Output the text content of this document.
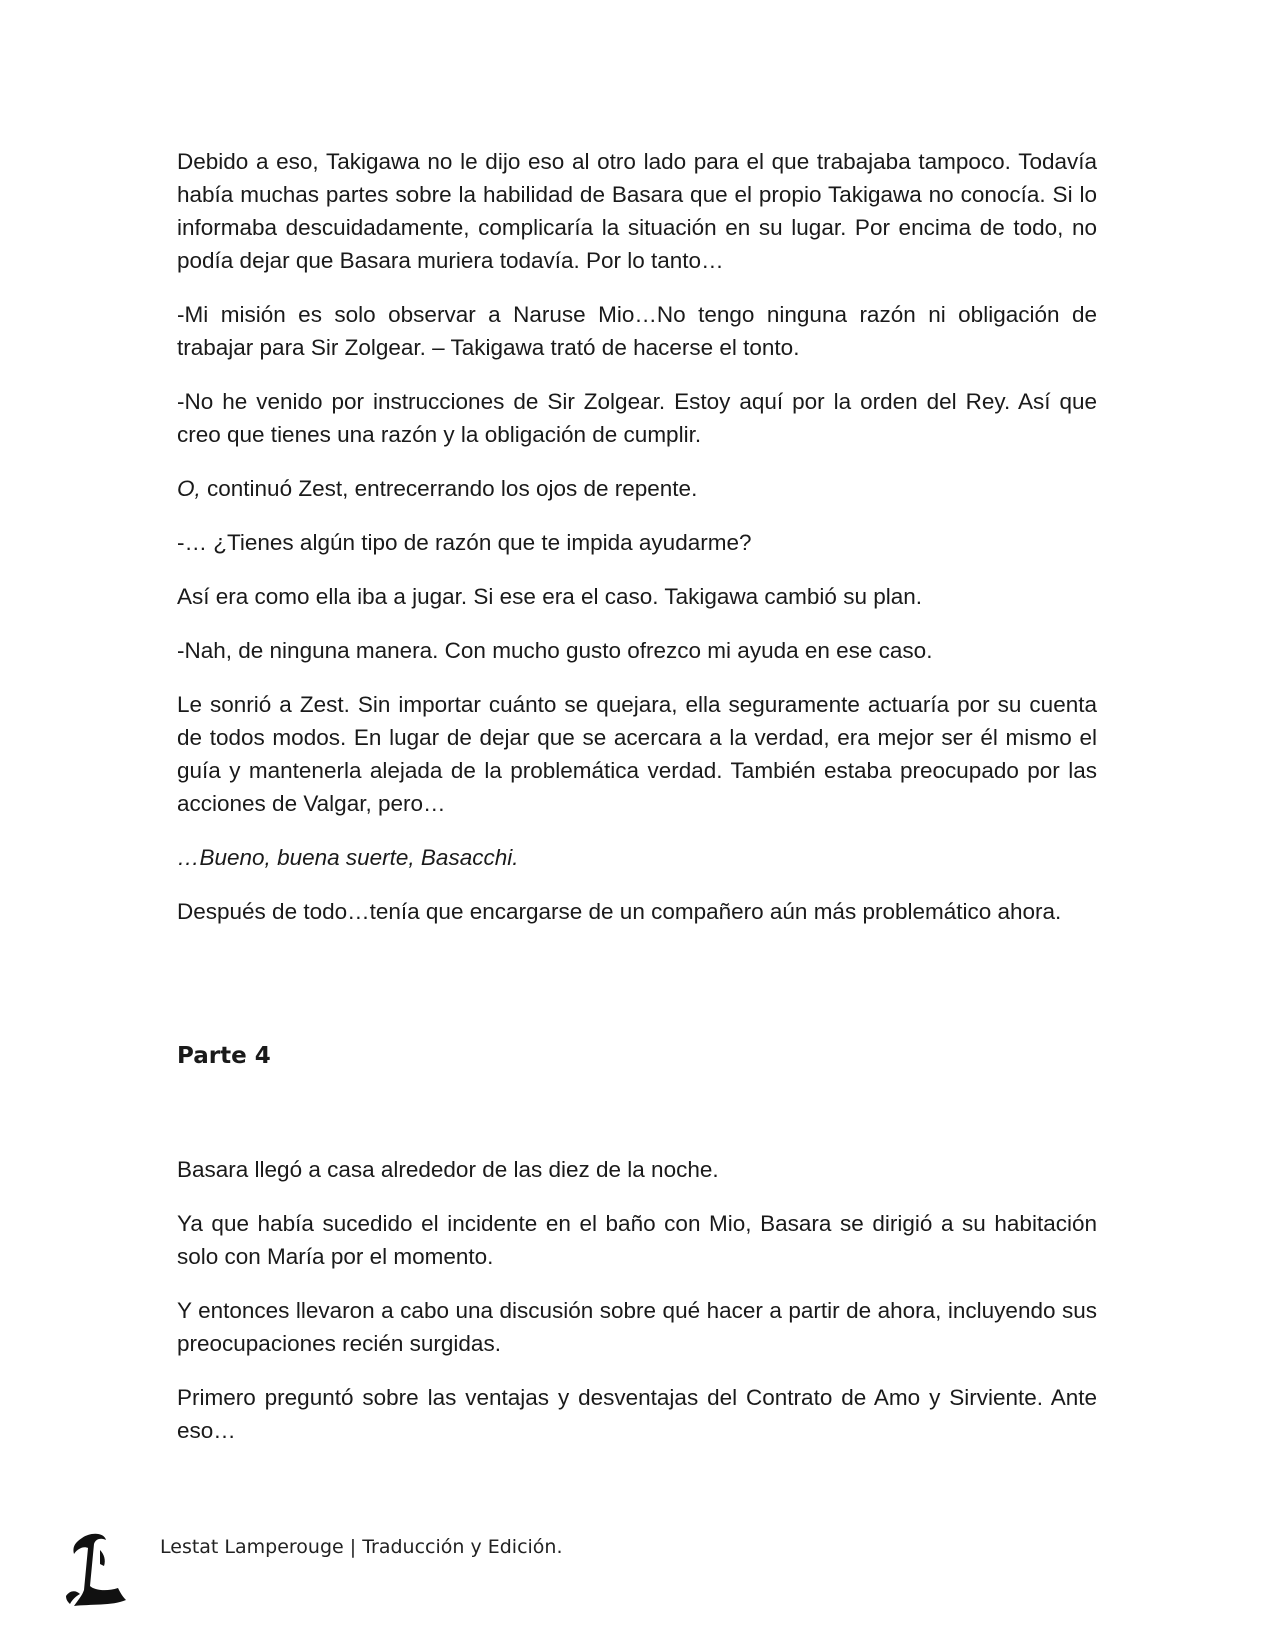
Debido a eso, Takigawa no le dijo eso al otro lado para el que trabajaba tampoco. Todavía había muchas partes sobre la habilidad de Basara que el propio Takigawa no conocía. Si lo informaba descuidadamente, complicaría la situación en su lugar. Por encima de todo, no podía dejar que Basara muriera todavía. Por lo tanto…

-Mi misión es solo observar a Naruse Mio…No tengo ninguna razón ni obligación de trabajar para Sir Zolgear. – Takigawa trató de hacerse el tonto.

-No he venido por instrucciones de Sir Zolgear. Estoy aquí por la orden del Rey. Así que creo que tienes una razón y la obligación de cumplir.

O, continuó Zest, entrecerrando los ojos de repente.

-… ¿Tienes algún tipo de razón que te impida ayudarme?

Así era como ella iba a jugar. Si ese era el caso. Takigawa cambió su plan.

-Nah, de ninguna manera. Con mucho gusto ofrezco mi ayuda en ese caso.

Le sonrió a Zest. Sin importar cuánto se quejara, ella seguramente actuaría por su cuenta de todos modos. En lugar de dejar que se acercara a la verdad, era mejor ser él mismo el guía y mantenerla alejada de la problemática verdad. También estaba preocupado por las acciones de Valgar, pero…

…Bueno, buena suerte, Basacchi.

Después de todo…tenía que encargarse de un compañero aún más problemático ahora.

Parte 4

Basara llegó a casa alrededor de las diez de la noche.

Ya que había sucedido el incidente en el baño con Mio, Basara se dirigió a su habitación solo con María por el momento.

Y entonces llevaron a cabo una discusión sobre qué hacer a partir de ahora, incluyendo sus preocupaciones recién surgidas.

Primero preguntó sobre las ventajas y desventajas del Contrato de Amo y Sirviente. Ante eso…

Lestat Lamperouge | Traducción y Edición.
